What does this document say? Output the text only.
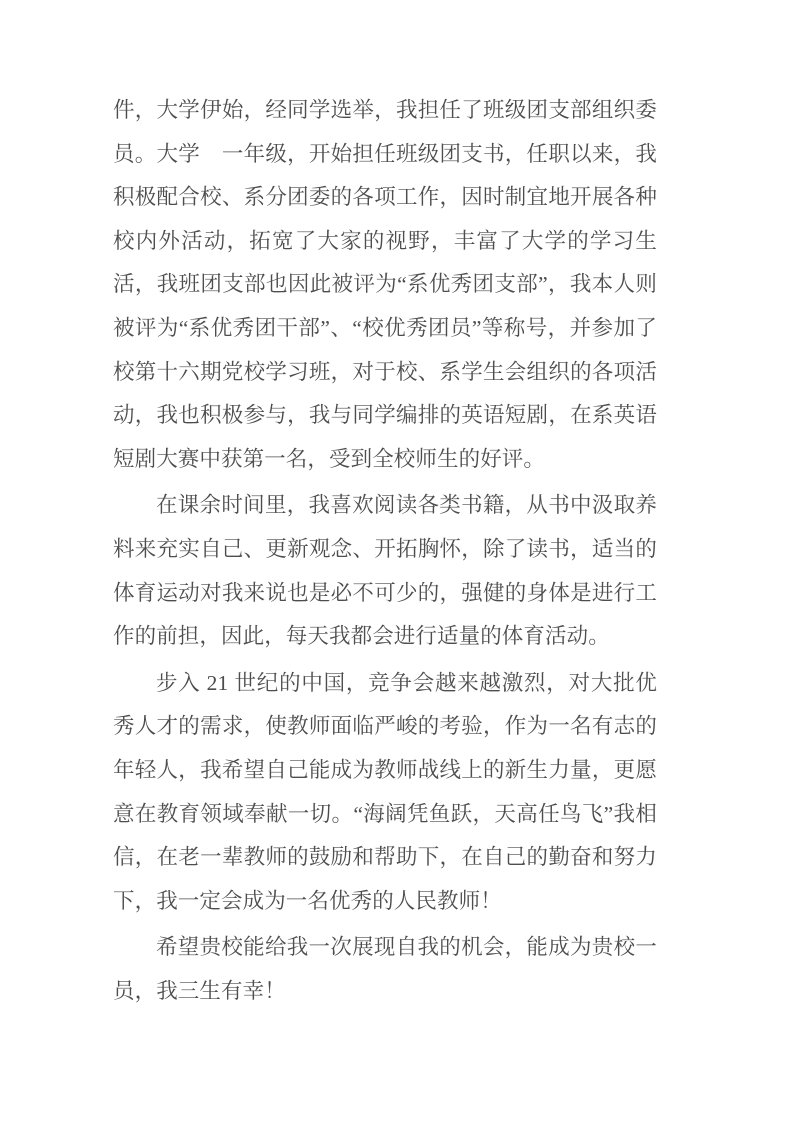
件，大学伊始，经同学选举，我担任了班级团支部组织委员。大学　一年级，开始担任班级团支书，任职以来，我积极配合校、系分团委的各项工作，因时制宜地开展各种校内外活动，拓宽了大家的视野，丰富了大学的学习生活，我班团支部也因此被评为“系优秀团支部”，我本人则被评为“系优秀团干部”、“校优秀团员”等称号，并参加了校第十六期党校学习班，对于校、系学生会组织的各项活动，我也积极参与，我与同学编排的英语短剧，在系英语短剧大赛中获第一名，受到全校师生的好评。

在课余时间里，我喜欢阅读各类书籍，从书中汲取养料来充实自己、更新观念、开拓胸怀，除了读书，适当的体育运动对我来说也是必不可少的，强健的身体是进行工作的前担，因此，每天我都会进行适量的体育活动。

步入 21 世纪的中国，竞争会越来越激烈，对大批优秀人才的需求，使教师面临严峻的考验，作为一名有志的年轻人，我希望自己能成为教师战线上的新生力量，更愿意在教育领域奉献一切。“海阔凭鱼跃，天高任鸟飞”我相信，在老一辈教师的鼓励和帮助下，在自己的勤奋和努力下，我一定会成为一名优秀的人民教师！

希望贵校能给我一次展现自我的机会，能成为贵校一员，我三生有幸！
